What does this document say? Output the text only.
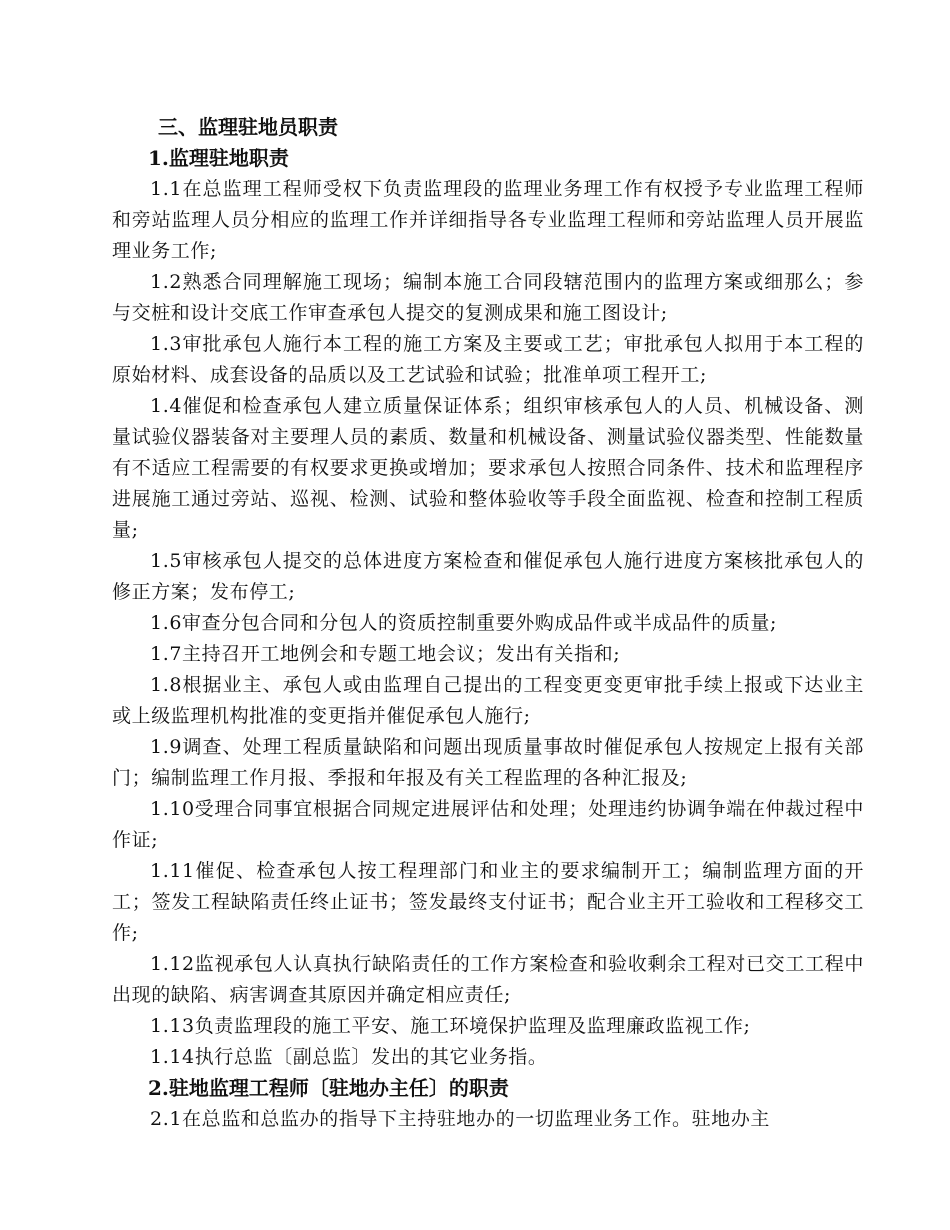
三、监理驻地员职责

1.监理驻地职责

1.1在总监理工程师受权下负责监理段的监理业务理工作有权授予专业监理工程师和旁站监理人员分相应的监理工作并详细指导各专业监理工程师和旁站监理人员开展监理业务工作;

1.2熟悉合同理解施工现场；编制本施工合同段辖范围内的监理方案或细那么；参与交桩和设计交底工作审查承包人提交的复测成果和施工图设计;

1.3审批承包人施行本工程的施工方案及主要或工艺；审批承包人拟用于本工程的原始材料、成套设备的品质以及工艺试验和试验；批准单项工程开工;

1.4催促和检查承包人建立质量保证体系；组织审核承包人的人员、机械设备、测量试验仪器装备对主要理人员的素质、数量和机械设备、测量试验仪器类型、性能数量有不适应工程需要的有权要求更换或增加；要求承包人按照合同条件、技术和监理程序进展施工通过旁站、巡视、检测、试验和整体验收等手段全面监视、检查和控制工程质量;

1.5审核承包人提交的总体进度方案检查和催促承包人施行进度方案核批承包人的修正方案；发布停工;

1.6审查分包合同和分包人的资质控制重要外购成品件或半成品件的质量;

1.7主持召开工地例会和专题工地会议；发出有关指和;

1.8根据业主、承包人或由监理自己提出的工程变更变更审批手续上报或下达业主或上级监理机构批准的变更指并催促承包人施行;

1.9调查、处理工程质量缺陷和问题出现质量事故时催促承包人按规定上报有关部门；编制监理工作月报、季报和年报及有关工程监理的各种汇报及;

1.10受理合同事宜根据合同规定进展评估和处理；处理违约协调争端在仲裁过程中作证;

1.11催促、检查承包人按工程理部门和业主的要求编制开工；编制监理方面的开工；签发工程缺陷责任终止证书；签发最终支付证书；配合业主开工验收和工程移交工作;

1.12监视承包人认真执行缺陷责任的工作方案检查和验收剩余工程对已交工工程中出现的缺陷、病害调查其原因并确定相应责任;

1.13负责监理段的施工平安、施工环境保护监理及监理廉政监视工作;

1.14执行总监〔副总监〕发出的其它业务指。

2.驻地监理工程师〔驻地办主任〕的职责

2.1在总监和总监办的指导下主持驻地办的一切监理业务工作。驻地办主
